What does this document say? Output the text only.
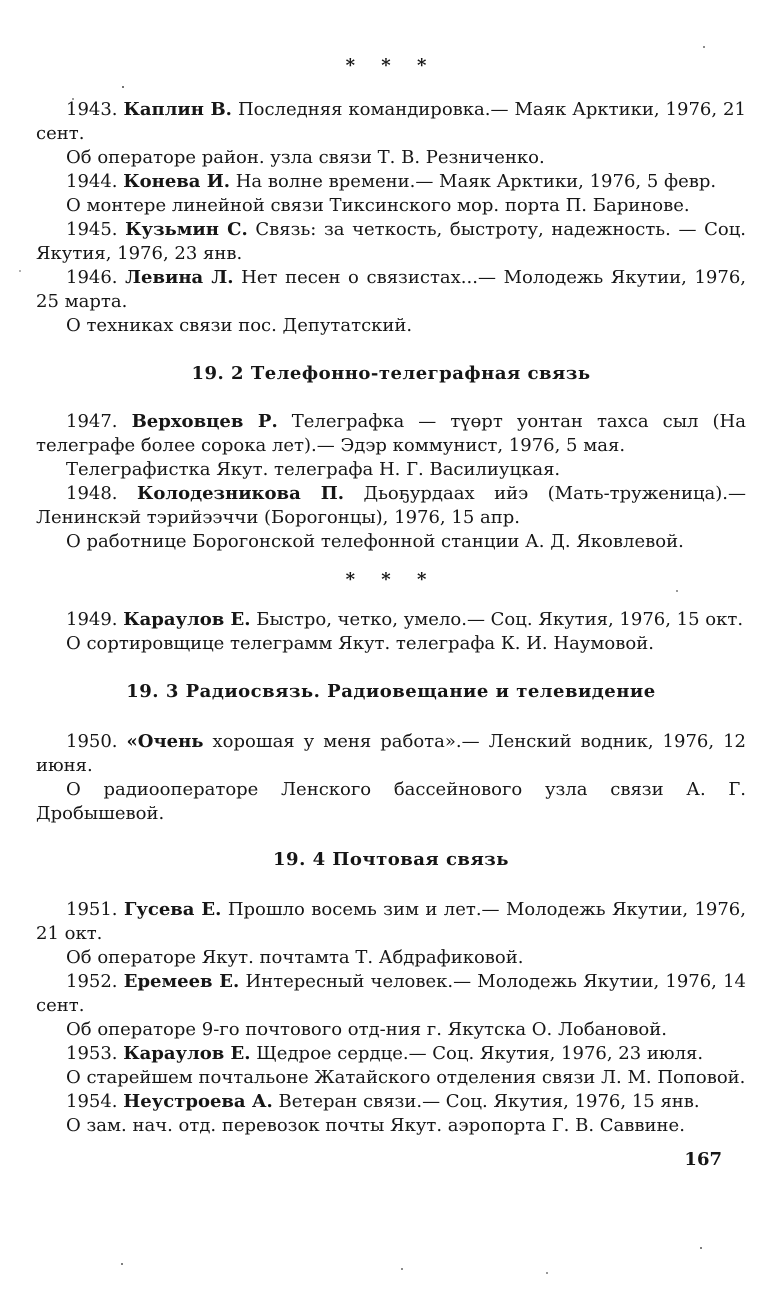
* * *

1943. Каплин В. Последняя командировка.— Маяк Арктики, 1976, 21 сент.

Об операторе район. узла связи Т. В. Резниченко.

1944. Конева И. На волне времени.— Маяк Арктики, 1976, 5 февр.

О монтере линейной связи Тиксинского мор. порта П. Баринове.

1945. Кузьмин С. Связь: за четкость, быстроту, надежность. — Соц. Якутия, 1976, 23 янв.

1946. Левина Л. Нет песен о связистах...— Молодежь Якутии, 1976, 25 марта.

О техниках связи пос. Депутатский.

19. 2 Телефонно-телеграфная связь

1947. Верховцев Р. Телеграфка — түөрт уонтан тахса сыл (На телеграфе более сорока лет).— Эдэр коммунист, 1976, 5 мая.

Телеграфистка Якут. телеграфа Н. Г. Василиуцкая.

1948. Колодезникова П. Дьоҕурдаах ийэ (Мать-труженица).— Ленинскэй тэрийээччи (Борогонцы), 1976, 15 апр.

О работнице Борогонской телефонной станции А. Д. Яковлевой.

* * *

1949. Караулов Е. Быстро, четко, умело.— Соц. Якутия, 1976, 15 окт.

О сортировщице телеграмм Якут. телеграфа К. И. Наумовой.

19. 3 Радиосвязь. Радиовещание и телевидение

1950. «Очень хорошая у меня работа».— Ленский водник, 1976, 12 июня.

О радиооператоре Ленского бассейнового узла связи А. Г. Дробышевой.

19. 4 Почтовая связь

1951. Гусева Е. Прошло восемь зим и лет.— Молодежь Якутии, 1976, 21 окт.

Об операторе Якут. почтамта Т. Абдрафиковой.

1952. Еремеев Е. Интересный человек.— Молодежь Якутии, 1976, 14 сент.

Об операторе 9-го почтового отд-ния г. Якутска О. Лобановой.

1953. Караулов Е. Щедрое сердце.— Соц. Якутия, 1976, 23 июля.

О старейшем почтальоне Жатайского отделения связи Л. М. Поповой.

1954. Неустроева А. Ветеран связи.— Соц. Якутия, 1976, 15 янв.

О зам. нач. отд. перевозок почты Якут. аэропорта Г. В. Саввине.

167
